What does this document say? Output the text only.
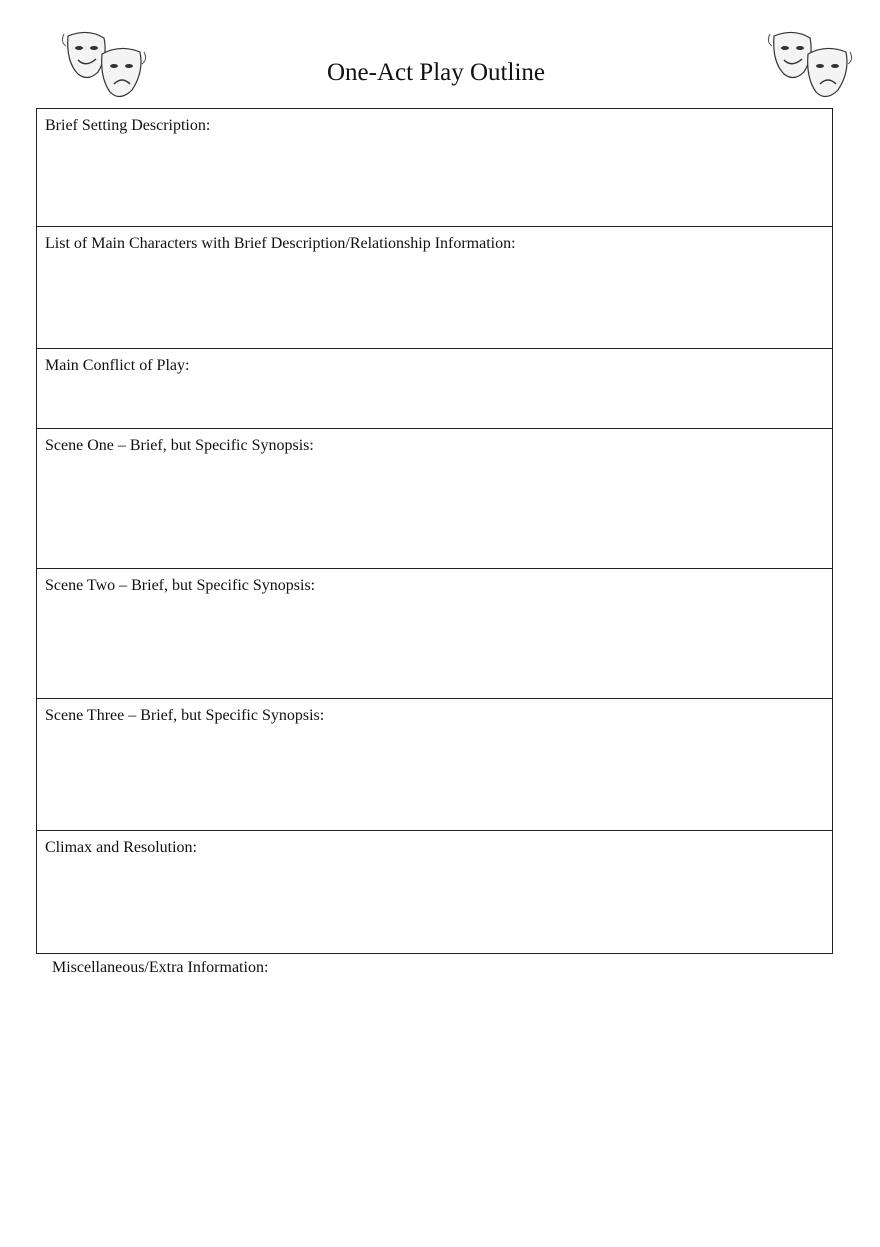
One-Act Play Outline
Brief Setting Description:
List of Main Characters with Brief Description/Relationship Information:
Main Conflict of Play:
Scene One – Brief, but Specific Synopsis:
Scene Two – Brief, but Specific Synopsis:
Scene Three – Brief, but Specific Synopsis:
Climax and Resolution:
Miscellaneous/Extra Information:
